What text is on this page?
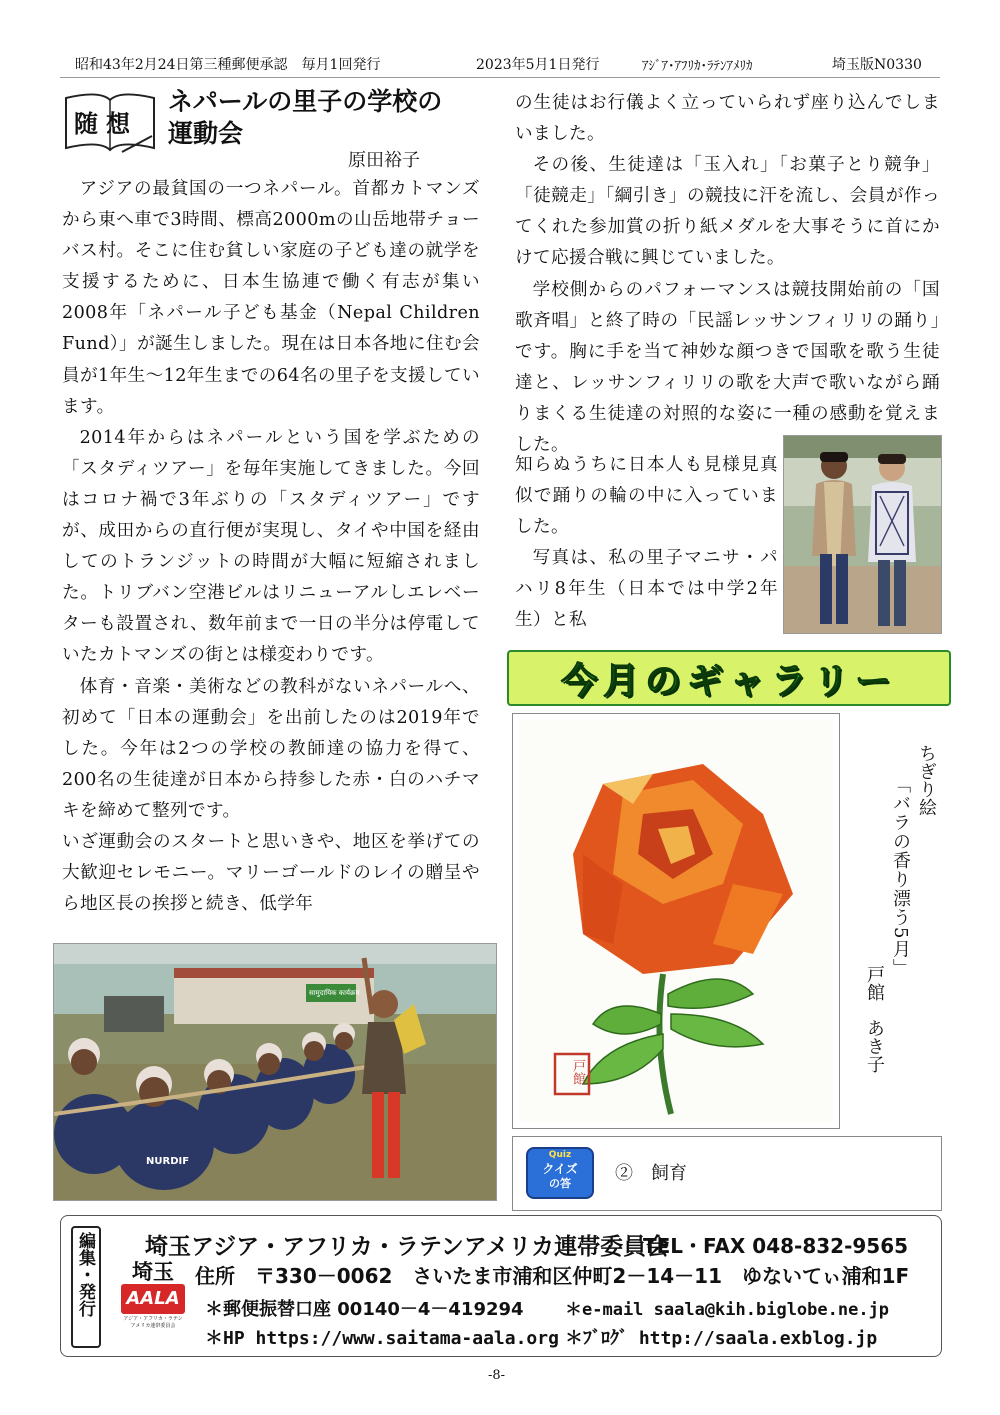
昭和43年2月24日第三種郵便承認　毎月1回発行	2023年5月1日発行	ｱｼﾞｱ･ｱﾌﾘｶ･ﾗﾃﾝｱﾒﾘｶ	埼玉版N0330
随想
ネパールの里子の学校の
運動会
原田裕子

アジアの最貧国の一つネパール。首都カトマンズから東へ車で3時間、標高2000mの山岳地帯チョーバス村。そこに住む貧しい家庭の子ども達の就学を支援するために、日本生協連で働く有志が集い2008年「ネパール子ども基金（Nepal Children Fund）」が誕生しました。現在は日本各地に住む会員が1年生～12年生までの64名の里子を支援しています。

2014年からはネパールという国を学ぶための「スタディツアー」を毎年実施してきました。今回はコロナ禍で3年ぶりの「スタディツアー」ですが、成田からの直行便が実現し、タイや中国を経由してのトランジットの時間が大幅に短縮されました。トリブバン空港ビルはリニューアルしエレベーターも設置され、数年前まで一日の半分は停電していたカトマンズの街とは様変わりです。

体育・音楽・美術などの教科がないネパールへ、初めて「日本の運動会」を出前したのは2019年でした。今年は2つの学校の教師達の協力を得て、200名の生徒達が日本から持参した赤・白のハチマキを締めて整列です。

いざ運動会のスタートと思いきや、地区を挙げての大歓迎セレモニー。マリーゴールドのレイの贈呈やら地区長の挨拶と続き、低学年

の生徒はお行儀よく立っていられず座り込んでしまいました。

その後、生徒達は「玉入れ」「お菓子とり競争」「徒競走」「綱引き」の競技に汗を流し、会員が作ってくれた参加賞の折り紙メダルを大事そうに首にかけて応援合戦に興じていました。

学校側からのパフォーマンスは競技開始前の「国歌斉唱」と終了時の「民謡レッサンフィリリの踊り」です。胸に手を当て神妙な顔つきで国歌を歌う生徒達と、レッサンフィリリの歌を大声で歌いながら踊りまくる生徒達の対照的な姿に一種の感動を覚えました。

知らぬうちに日本人も見様見真似で踊りの輪の中に入っていました。

写真は、私の里子マニサ・パハリ8年生（日本では中学2年生）と私

सामुदायिक कार्यक्रम
NURDIF
今月のギャラリー
戸館
ちぎり絵
「バラの香り漂う5月」
戸館　あき子
Quiz
クイズ
の答	②　飼育
編集・発行	埼玉
AALA
アジア・アフリカ・ラテンアメリカ連帯委員会
埼玉アジア・アフリカ・ラテンアメリカ連帯委員会
TEL・FAX 048-832-9565
住所　〒330－0062　さいたま市浦和区仲町2－14－11　ゆないてぃ浦和1F
＊郵便振替口座 00140－4－419294 ＊e-mail saala@kih.biglobe.ne.jp
＊HP https://www.saitama-aala.org ＊ﾌﾞﾛｸﾞ http://saala.exblog.jp
-8-
